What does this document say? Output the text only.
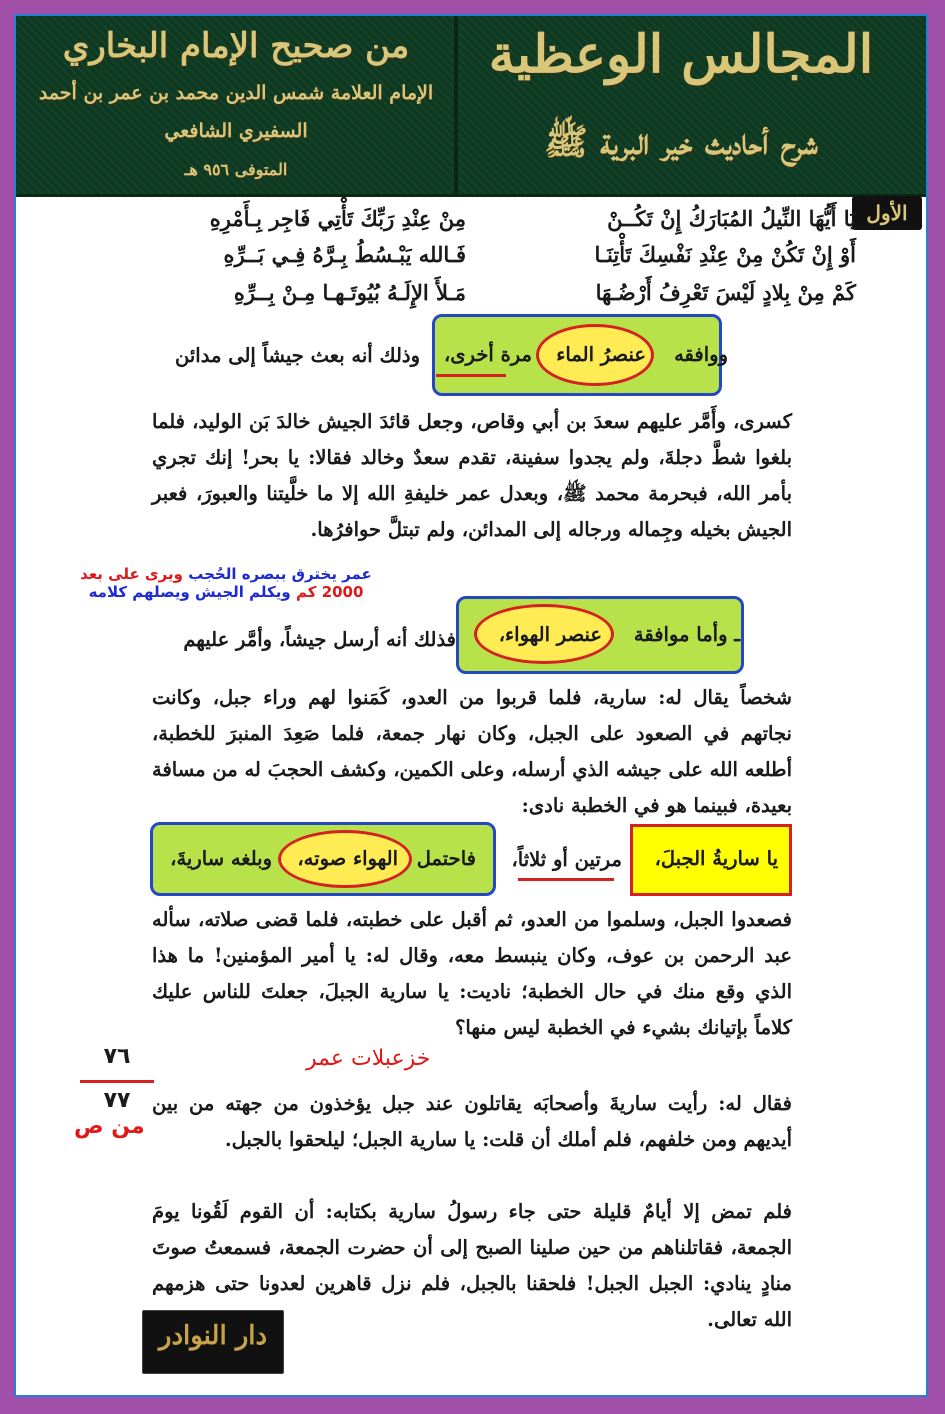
المجالس الوعظية
شرح أحاديث خير البرية ﷺ
من صحيح الإمام البخاري
الإمام العلامة شمس الدين محمد بن عمر بن أحمد
السفيري الشافعي
المتوفى ٩٥٦ هـ
الأول
يَا أَيُّهَا النِّيلُ المُبَارَكُ إِنْ تَكُــنْ
أَوْ إِنْ تَكُنْ مِنْ عِنْدِ نَفْسِكَ تَأْتِنَـا
كَمْ مِنْ بِلادٍ لَيْسَ تَعْرِفُ أَرْضُـهَا
مِنْ عِنْدِ رَبِّكَ تَأْتِي فَاجِر بِـأَمْرِهِ
فَـالله يَبْـسُطُ بِـرَّهُ فِـي بَــرِّهِ
مَـلأَ الإِلَـهُ بُيُوتَـهـا مِـنْ بِــرِّهِ
ووافقه
عنصرُ الماء
مرة أخرى،
وذلك أنه بعث جيشاً إلى مدائن
كسرى، وأَمَّر عليهم سعدَ بن أبي وقاص، وجعل قائدَ الجيش خالدَ بَن الوليد، فلما بلغوا شطَّ دجلةَ، ولم يجدوا سفينة، تقدم سعدٌ وخالد فقالا: يا بحر! إنك تجري بأمر الله، فبحرمة محمد ﷺ، وبعدل عمر خليفةِ الله إلا ما خلَّيتنا والعبورَ، فعبر الجيش بخيله وجِماله ورجاله إلى المدائن، ولم تبتلَّ حوافرُها.
عمر يخترق ببصره الحُجب ويرى على بعد
2000 كم ويكلم الجيش ويصلهم كلامه
ـ وأما موافقة
عنصر الهواء،
فذلك أنه أرسل جيشاً، وأمَّر عليهم
شخصاً يقال له: سارية، فلما قربوا من العدو، كَمَنوا لهم وراء جبل، وكانت نجاتهم في الصعود على الجبل، وكان نهار جمعة، فلما صَعِدَ المنبرَ للخطبة، أطلعه الله على جيشه الذي أرسله، وعلى الكمين، وكشف الحجبَ له من مسافة بعيدة، فبينما هو في الخطبة نادى:
يا ساريةُ الجبلَ،
مرتين أو ثلاثاً،
فاحتمل
الهواء صوته،
وبلغه ساريةَ،
فصعدوا الجبل، وسلموا من العدو، ثم أقبل على خطبته، فلما قضى صلاته، سأله عبد الرحمن بن عوف، وكان ينبسط معه، وقال له: يا أمير المؤمنين! ما هذا الذي وقع منك في حال الخطبة؛ ناديت: يا سارية الجبلَ، جعلتَ للناس عليك كلاماً بإتيانك بشيء في الخطبة ليس منها؟
فقال له: رأيت ساريةَ وأصحابَه يقاتلون عند جبل يؤخذون من جهته من بين أيديهم ومن خلفهم، فلم أملك أن قلت: يا سارية الجبل؛ ليلحقوا بالجبل.
فلم تمض إلا أيامٌ قليلة حتى جاء رسولُ سارية بكتابه: أن القوم لَقُونا يومَ الجمعة، فقاتلناهم من حين صلينا الصبح إلى أن حضرت الجمعة، فسمعتُ صوتَ منادٍ ينادي: الجبل الجبل! فلحقنا بالجبل، فلم نزل قاهرين لعدونا حتى هزمهم الله تعالى.
خزعبلات عمر
٧٦
٧٧
من ص
دار النوادر
